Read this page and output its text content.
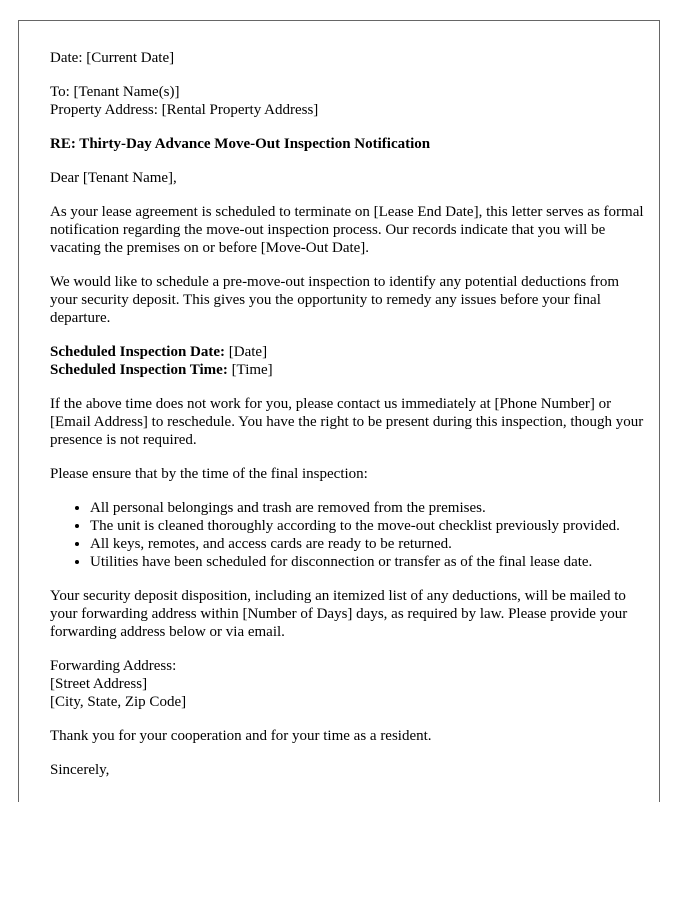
Date: [Current Date]

To: [Tenant Name(s)]

Property Address: [Rental Property Address]

RE: Thirty-Day Advance Move-Out Inspection Notification

Dear [Tenant Name],

As your lease agreement is scheduled to terminate on [Lease End Date], this letter serves as formal notification regarding the move-out inspection process. Our records indicate that you will be vacating the premises on or before [Move-Out Date].

We would like to schedule a pre-move-out inspection to identify any potential deductions from your security deposit. This gives you the opportunity to remedy any issues before your final departure.

Scheduled Inspection Date: [Date]

Scheduled Inspection Time: [Time]

If the above time does not work for you, please contact us immediately at [Phone Number] or [Email Address] to reschedule. You have the right to be present during this inspection, though your presence is not required.

Please ensure that by the time of the final inspection:

• All personal belongings and trash are removed from the premises.
• The unit is cleaned thoroughly according to the move-out checklist previously provided.
• All keys, remotes, and access cards are ready to be returned.
• Utilities have been scheduled for disconnection or transfer as of the final lease date.

Your security deposit disposition, including an itemized list of any deductions, will be mailed to your forwarding address within [Number of Days] days, as required by law. Please provide your forwarding address below or via email.

Forwarding Address:

[Street Address]

[City, State, Zip Code]

Thank you for your cooperation and for your time as a resident.

Sincerely,
